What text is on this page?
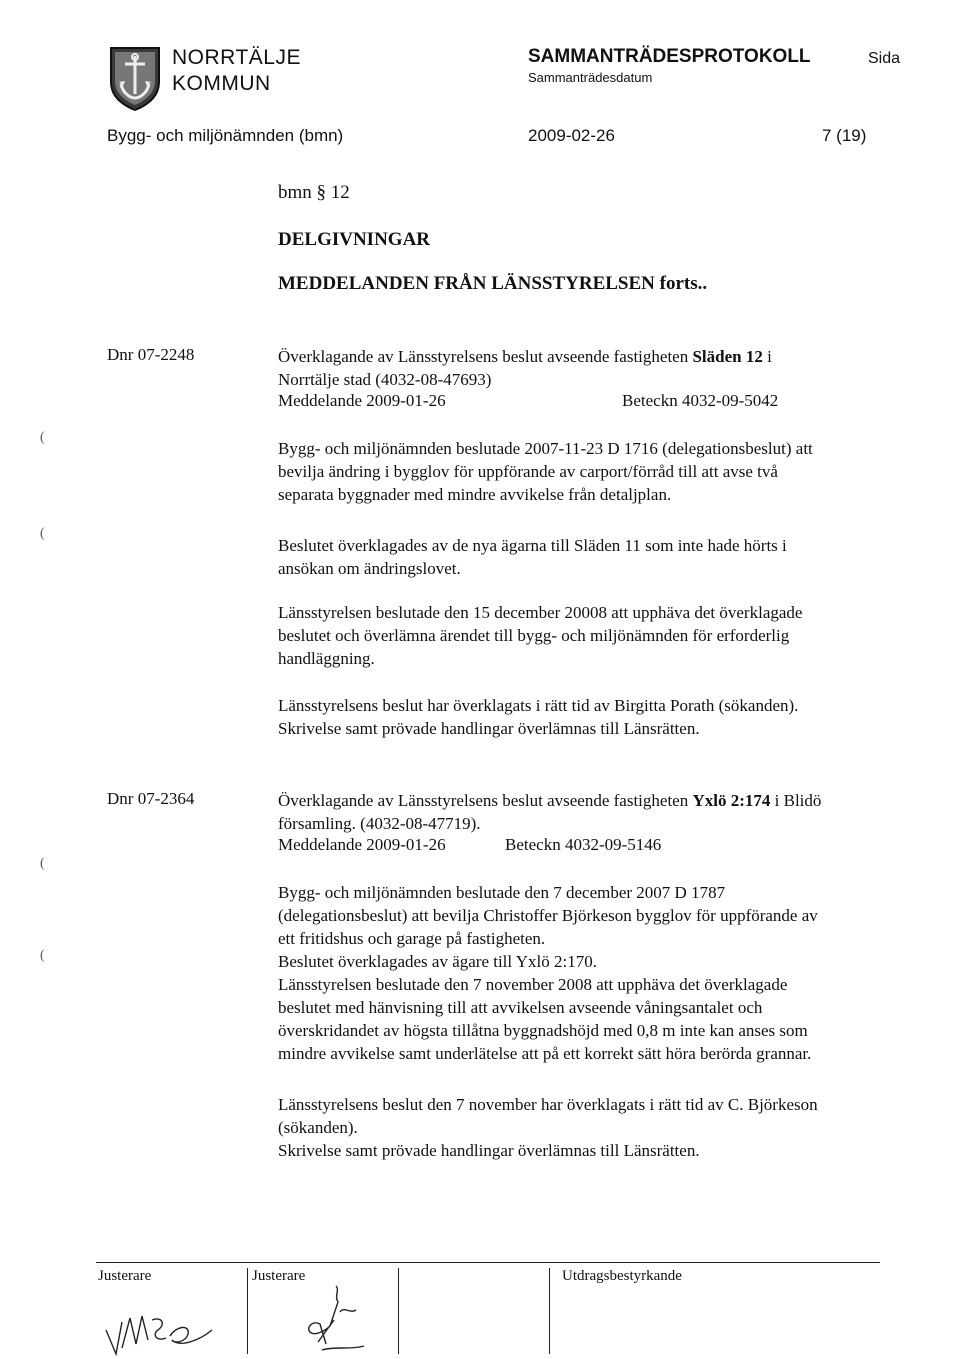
NORRTÄLJE
KOMMUN
SAMMANTRÄDESPROTOKOLL
Sammanträdesdatum
Sida
Bygg- och miljönämnden (bmn)	2009-02-26	7 (19)
bmn § 12
DELGIVNINGAR
MEDDELANDEN FRÅN LÄNSSTYRELSEN forts..
Dnr 07-2248	Överklagande av Länsstyrelsens beslut avseende fastigheten Släden 12 i
Norrtälje stad (4032-08-47693)
Meddelande 2009-01-26	Beteckn 4032-09-5042
Bygg- och miljönämnden beslutade 2007-11-23 D 1716 (delegationsbeslut) att
bevilja ändring i bygglov för uppförande av carport/förråd till att avse två
separata byggnader med mindre avvikelse från detaljplan.
Beslutet överklagades av de nya ägarna till Släden 11 som inte hade hörts i
ansökan om ändringslovet.
Länsstyrelsen beslutade den 15 december 20008 att upphäva det överklagade
beslutet och överlämna ärendet till bygg- och miljönämnden för erforderlig
handläggning.
Länsstyrelsens beslut har överklagats i rätt tid av Birgitta Porath (sökanden).
Skrivelse samt prövade handlingar överlämnas till Länsrätten.
Dnr 07-2364	Överklagande av Länsstyrelsens beslut avseende fastigheten Yxlö 2:174 i Blidö
församling. (4032-08-47719).
Meddelande 2009-01-26	Beteckn 4032-09-5146
Bygg- och miljönämnden beslutade den 7 december 2007 D 1787
(delegationsbeslut) att bevilja Christoffer Björkeson bygglov för uppförande av
ett fritidshus och garage på fastigheten.
Beslutet överklagades av ägare till Yxlö 2:170.
Länsstyrelsen beslutade den 7 november 2008 att upphäva det överklagade
beslutet med hänvisning till att avvikelsen avseende våningsantalet och
överskridandet av högsta tillåtna byggnadshöjd med 0,8 m inte kan anses som
mindre avvikelse samt underlätelse att på ett korrekt sätt höra berörda grannar.
Länsstyrelsens beslut den 7 november har överklagats i rätt tid av C. Björkeson
(sökanden).
Skrivelse samt prövade handlingar överlämnas till Länsrätten.
(
(
(
(
Justerare	Justerare	Utdragsbestyrkande
